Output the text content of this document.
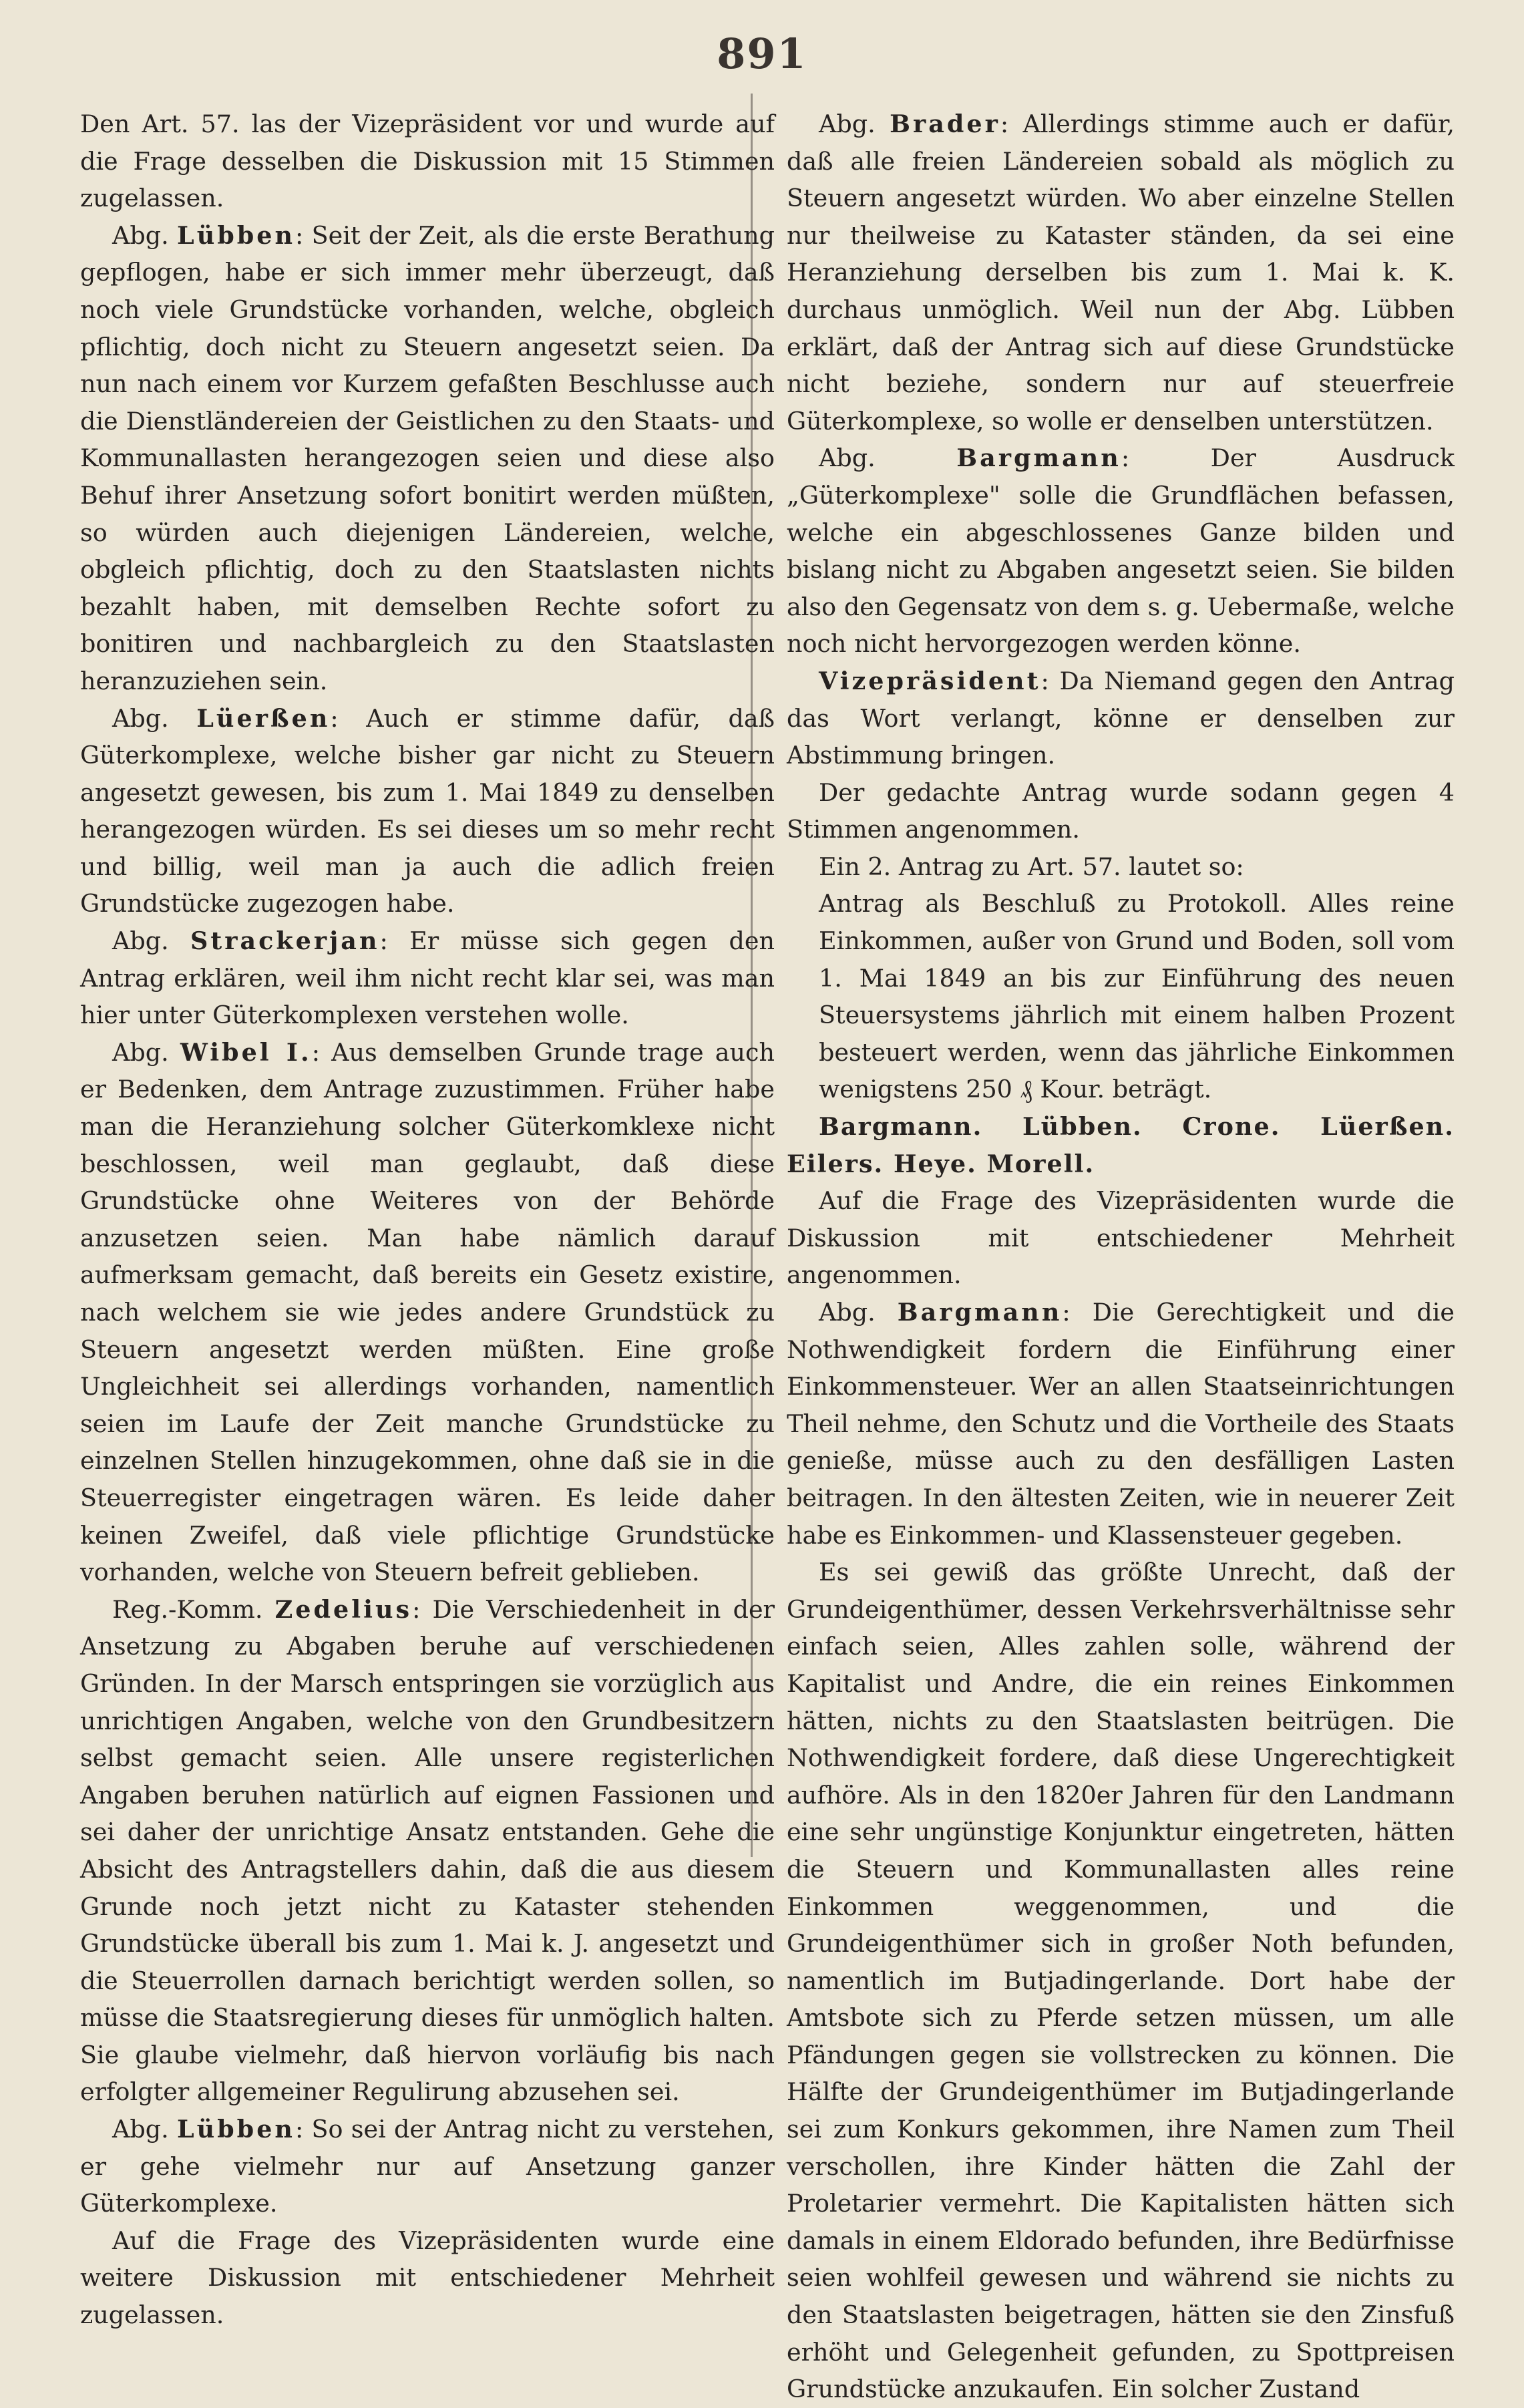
891

Den Art. 57. las der Vizepräsident vor und wurde auf die Frage desselben die Diskussion mit 15 Stimmen zugelassen.

Abg. Lübben: Seit der Zeit, als die erste Berathung gepflogen, habe er sich immer mehr überzeugt, daß noch viele Grundstücke vorhanden, welche, obgleich pflichtig, doch nicht zu Steuern angesetzt seien. Da nun nach einem vor Kurzem gefaßten Beschlusse auch die Dienstländereien der Geistlichen zu den Staats- und Kommunallasten herangezogen seien und diese also Behuf ihrer Ansetzung sofort bonitirt werden müßten, so würden auch diejenigen Ländereien, welche, obgleich pflichtig, doch zu den Staatslasten nichts bezahlt haben, mit demselben Rechte sofort zu bonitiren und nachbargleich zu den Staatslasten heranzuziehen sein.

Abg. Lüerßen: Auch er stimme dafür, daß Güterkomplexe, welche bisher gar nicht zu Steuern angesetzt gewesen, bis zum 1. Mai 1849 zu denselben herangezogen würden. Es sei dieses um so mehr recht und billig, weil man ja auch die adlich freien Grundstücke zugezogen habe.

Abg. Strackerjan: Er müsse sich gegen den Antrag erklären, weil ihm nicht recht klar sei, was man hier unter Güterkomplexen verstehen wolle.

Abg. Wibel I.: Aus demselben Grunde trage auch er Bedenken, dem Antrage zuzustimmen. Früher habe man die Heranziehung solcher Güterkomklexe nicht beschlossen, weil man geglaubt, daß diese Grundstücke ohne Weiteres von der Behörde anzusetzen seien. Man habe nämlich darauf aufmerksam gemacht, daß bereits ein Gesetz existire, nach welchem sie wie jedes andere Grundstück zu Steuern angesetzt werden müßten. Eine große Ungleichheit sei allerdings vorhanden, namentlich seien im Laufe der Zeit manche Grundstücke zu einzelnen Stellen hinzugekommen, ohne daß sie in die Steuerregister eingetragen wären. Es leide daher keinen Zweifel, daß viele pflichtige Grundstücke vorhanden, welche von Steuern befreit geblieben.

Reg.-Komm. Zedelius: Die Verschiedenheit in der Ansetzung zu Abgaben beruhe auf verschiedenen Gründen. In der Marsch entspringen sie vorzüglich aus unrichtigen Angaben, welche von den Grundbesitzern selbst gemacht seien. Alle unsere registerlichen Angaben beruhen natürlich auf eignen Fassionen und sei daher der unrichtige Ansatz entstanden. Gehe die Absicht des Antragstellers dahin, daß die aus diesem Grunde noch jetzt nicht zu Kataster stehenden Grundstücke überall bis zum 1. Mai k. J. angesetzt und die Steuerrollen darnach berichtigt werden sollen, so müsse die Staatsregierung dieses für unmöglich halten. Sie glaube vielmehr, daß hiervon vorläufig bis nach erfolgter allgemeiner Regulirung abzusehen sei.

Abg. Lübben: So sei der Antrag nicht zu verstehen, er gehe vielmehr nur auf Ansetzung ganzer Güterkomplexe.

Auf die Frage des Vizepräsidenten wurde eine weitere Diskussion mit entschiedener Mehrheit zugelassen.

Abg. Brader: Allerdings stimme auch er dafür, daß alle freien Ländereien sobald als möglich zu Steuern angesetzt würden. Wo aber einzelne Stellen nur theilweise zu Kataster ständen, da sei eine Heranziehung derselben bis zum 1. Mai k. K. durchaus unmöglich. Weil nun der Abg. Lübben erklärt, daß der Antrag sich auf diese Grundstücke nicht beziehe, sondern nur auf steuerfreie Güterkomplexe, so wolle er denselben unterstützen.

Abg. Bargmann: Der Ausdruck „Güterkomplexe" solle die Grundflächen befassen, welche ein abgeschlossenes Ganze bilden und bislang nicht zu Abgaben angesetzt seien. Sie bilden also den Gegensatz von dem s. g. Uebermaße, welche noch nicht hervorgezogen werden könne.

Vizepräsident: Da Niemand gegen den Antrag das Wort verlangt, könne er denselben zur Abstimmung bringen.

Der gedachte Antrag wurde sodann gegen 4 Stimmen angenommen.

Ein 2. Antrag zu Art. 57. lautet so:

Antrag als Beschluß zu Protokoll. Alles reine Einkommen, außer von Grund und Boden, soll vom 1. Mai 1849 an bis zur Einführung des neuen Steuersystems jährlich mit einem halben Prozent besteuert werden, wenn das jährliche Einkommen wenigstens 250 ₰ Kour. beträgt.

Bargmann. Lübben. Crone. Lüerßen. Eilers. Heye. Morell.

Auf die Frage des Vizepräsidenten wurde die Diskussion mit entschiedener Mehrheit angenommen.

Abg. Bargmann: Die Gerechtigkeit und die Nothwendigkeit fordern die Einführung einer Einkommensteuer. Wer an allen Staatseinrichtungen Theil nehme, den Schutz und die Vortheile des Staats genieße, müsse auch zu den desfälligen Lasten beitragen. In den ältesten Zeiten, wie in neuerer Zeit habe es Einkommen- und Klassensteuer gegeben.

Es sei gewiß das größte Unrecht, daß der Grundeigenthümer, dessen Verkehrsverhältnisse sehr einfach seien, Alles zahlen solle, während der Kapitalist und Andre, die ein reines Einkommen hätten, nichts zu den Staatslasten beitrügen. Die Nothwendigkeit fordere, daß diese Ungerechtigkeit aufhöre. Als in den 1820er Jahren für den Landmann eine sehr ungünstige Konjunktur eingetreten, hätten die Steuern und Kommunallasten alles reine Einkommen weggenommen, und die Grundeigenthümer sich in großer Noth befunden, namentlich im Butjadingerlande. Dort habe der Amtsbote sich zu Pferde setzen müssen, um alle Pfändungen gegen sie vollstrecken zu können. Die Hälfte der Grundeigenthümer im Butjadingerlande sei zum Konkurs gekommen, ihre Namen zum Theil verschollen, ihre Kinder hätten die Zahl der Proletarier vermehrt. Die Kapitalisten hätten sich damals in einem Eldorado befunden, ihre Bedürfnisse seien wohlfeil gewesen und während sie nichts zu den Staatslasten beigetragen, hätten sie den Zinsfuß erhöht und Gelegenheit gefunden, zu Spottpreisen Grundstücke anzukaufen. Ein solcher Zustand
